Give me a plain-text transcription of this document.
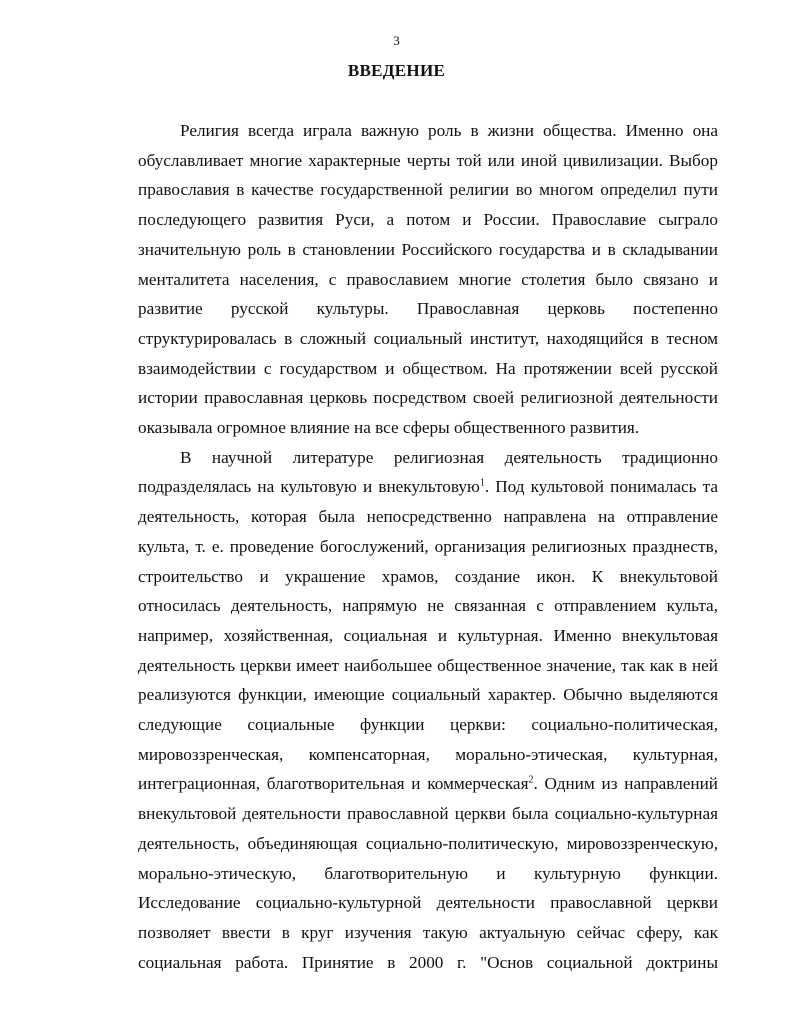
3
ВВЕДЕНИЕ
Религия всегда играла важную роль в жизни общества. Именно она
обуславливает многие характерные черты той или иной цивилизации. Выбор
православия в качестве государственной религии во многом определил пути
последующего развития Руси, а потом и России. Православие сыграло
значительную роль в становлении Российского государства и в складывании
менталитета населения, с православием многие столетия было связано и
развитие русской культуры. Православная церковь постепенно
структурировалась в сложный социальный институт, находящийся в тесном
взаимодействии с государством и обществом. На протяжении всей русской
истории православная церковь посредством своей религиозной деятельности
оказывала огромное влияние на все сферы общественного развития.
В научной литературе религиозная деятельность традиционно
подразделялась на культовую и внекультовую$^1$. Под культовой понималась та
деятельность, которая была непосредственно направлена на отправление
культа, т. е. проведение богослужений, организация религиозных празднеств,
строительство и украшение храмов, создание икон. К внекультовой
относилась деятельность, напрямую не связанная с отправлением культа,
например, хозяйственная, социальная и культурная. Именно внекультовая
деятельность церкви имеет наибольшее общественное значение, так как в ней
реализуются функции, имеющие социальный характер. Обычно выделяются
следующие социальные функции церкви: социально-политическая,
мировоззренческая, компенсаторная, морально-этическая, культурная,
интеграционная, благотворительная и коммерческая$^2$. Одним из направлений
внекультовой деятельности православной церкви была социально-культурная
деятельность, объединяющая социально-политическую, мировоззренческую,
морально-этическую, благотворительную и культурную функции.
Исследование социально-культурной деятельности православной церкви
позволяет ввести в круг изучения такую актуальную сейчас сферу, как
социальная работа. Принятие в 2000 г. "Основ социальной доктрины
